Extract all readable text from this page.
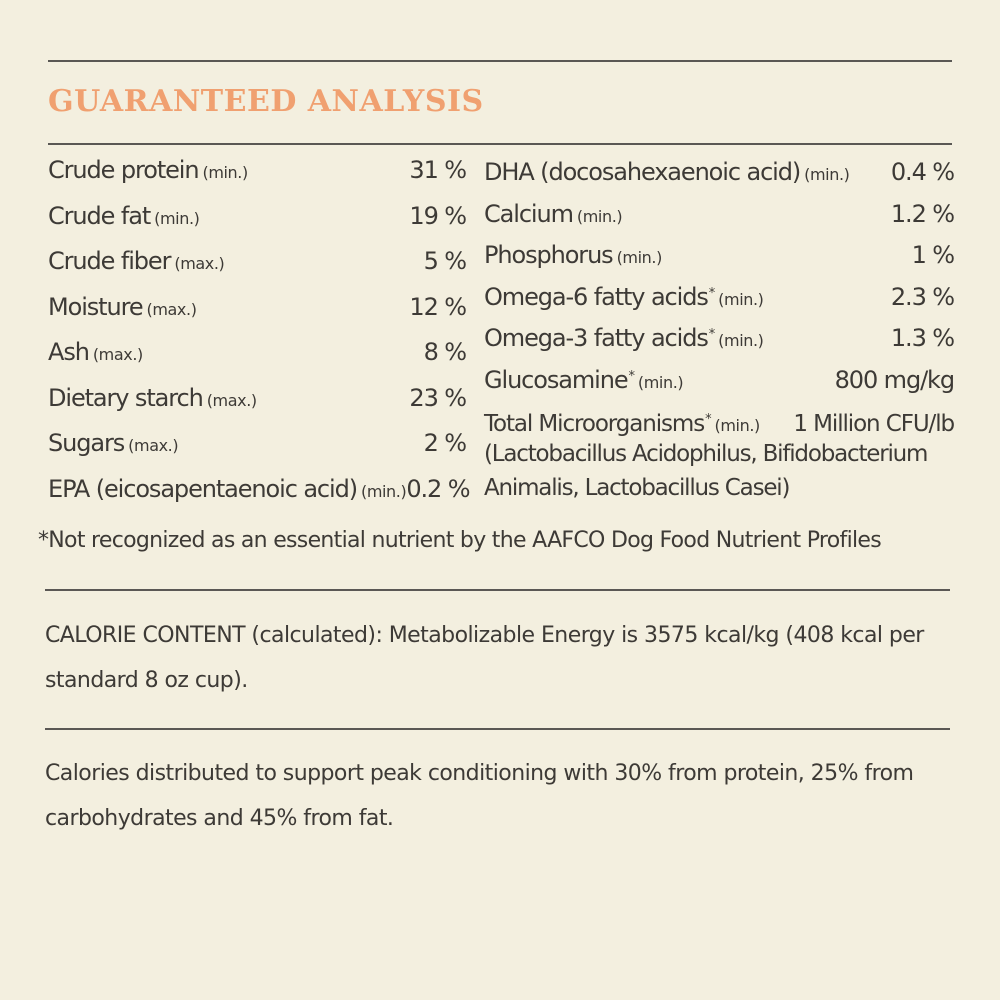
GUARANTEED ANALYSIS
Crude protein (min.)	31 %
Crude fat (min.)	19 %
Crude fiber (max.)	5 %
Moisture (max.)	12 %
Ash (max.)	8 %
Dietary starch (max.)	23 %
Sugars (max.)	2 %
EPA (eicosapentaenoic acid) (min.) 0.2 %
DHA (docosahexaenoic acid) (min.) 0.4 %
Calcium (min.)	1.2 %
Phosphorus (min.)	1 %
Omega-6 fatty acids* (min.)	2.3 %
Omega-3 fatty acids* (min.)	1.3 %
Glucosamine* (min.)	800 mg/kg
Total Microorganisms* (min.) 1 Million CFU/lb
(Lactobacillus Acidophilus, Bifidobacterium
Animalis, Lactobacillus Casei)
*Not recognized as an essential nutrient by the AAFCO Dog Food Nutrient Profiles

CALORIE CONTENT (calculated): Metabolizable Energy is 3575 kcal/kg (408 kcal per standard 8 oz cup).

Calories distributed to support peak conditioning with 30% from protein, 25% from carbohydrates and 45% from fat.
